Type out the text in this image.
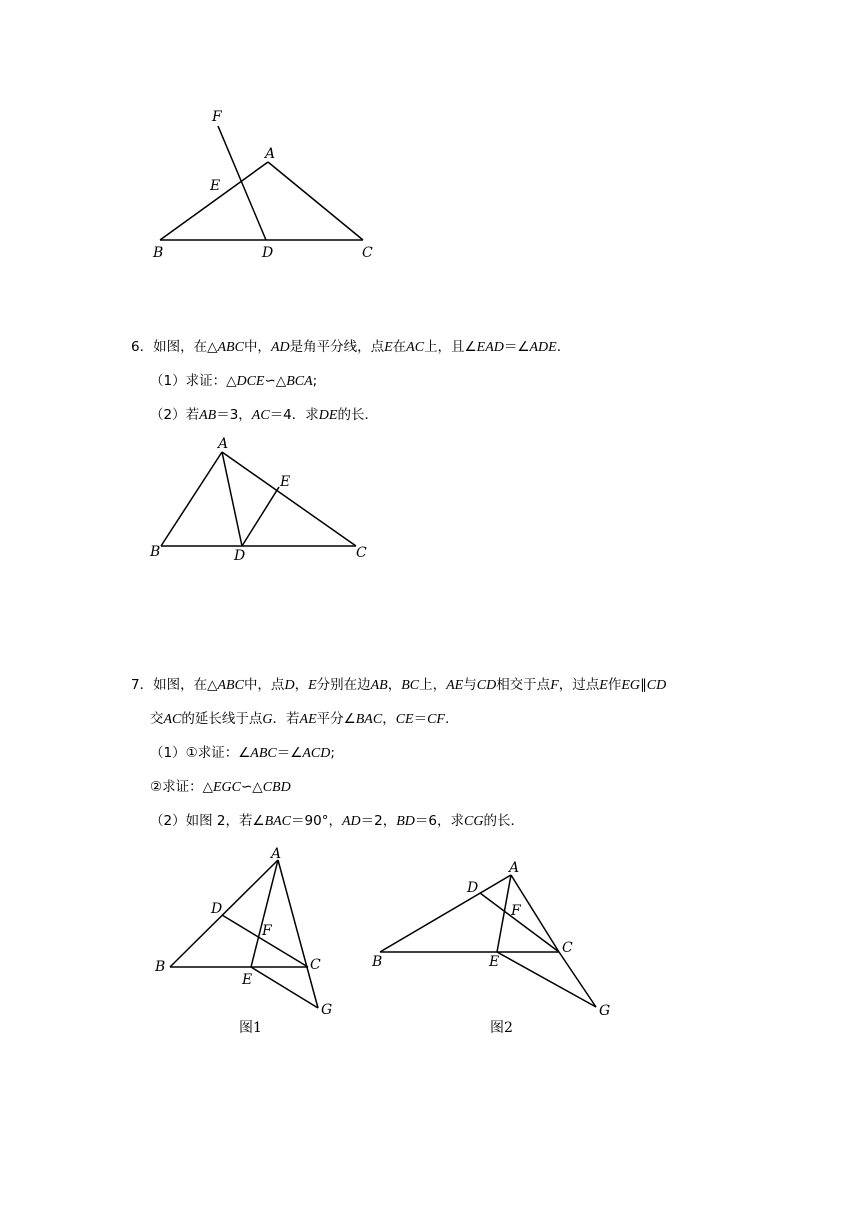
F
A
E
B	D	C
6．如图，在△ABC中，AD是角平分线，点E在AC上，且∠EAD＝∠ADE.
（1）求证：△DCE∽△BCA;
（2）若AB＝3，AC＝4．求DE的长．
A
E
B	D	C
7．如图，在△ABC中，点D，E分别在边AB，BC上，AE与CD相交于点F，过点E作EG∥CD
交AC的延长线于点G．若AE平分∠BAC，CE＝CF.
（1）①求证：∠ABC＝∠ACD;
②求证：△EGC∽△CBD
（2）如图 2，若∠BAC＝90°，AD＝2，BD＝6，求CG的长．
A
D
F
B
E
C
G
图1
A
D
F
B	E
C
G
图2
